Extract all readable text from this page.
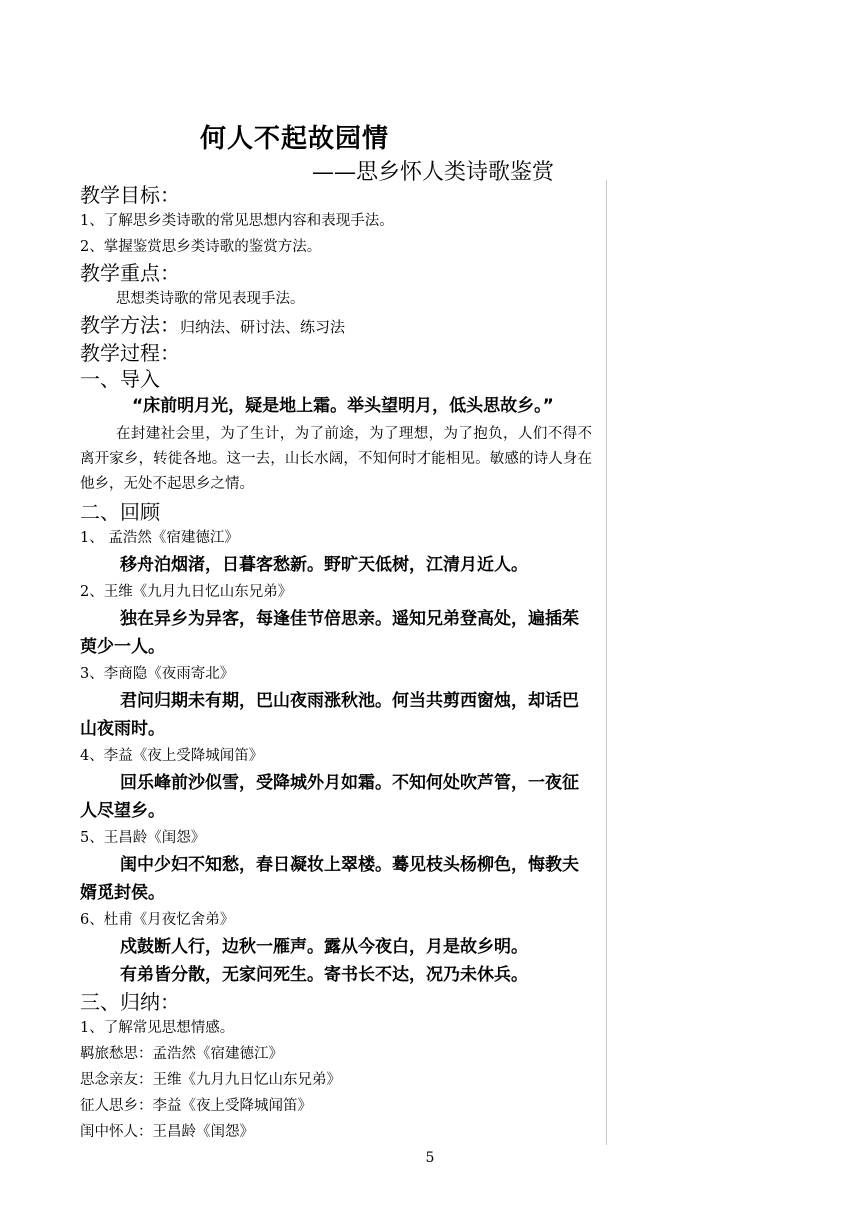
何人不起故园情
——思乡怀人类诗歌鉴赏
教学目标：
1、了解思乡类诗歌的常见思想内容和表现手法。
2、掌握鉴赏思乡类诗歌的鉴赏方法。
教学重点：
思想类诗歌的常见表现手法。
教学方法：归纳法、研讨法、练习法
教学过程：
一、导入
“床前明月光，疑是地上霜。举头望明月，低头思故乡。”
在封建社会里，为了生计，为了前途，为了理想，为了抱负，人们不得不离开家乡，转徙各地。这一去，山长水阔，不知何时才能相见。敏感的诗人身在他乡，无处不起思乡之情。
二、回顾
1、 孟浩然《宿建德江》
移舟泊烟渚，日暮客愁新。野旷天低树，江清月近人。
2、王维《九月九日忆山东兄弟》
独在异乡为异客，每逢佳节倍思亲。遥知兄弟登高处，遍插茱萸少一人。
3、李商隐《夜雨寄北》
君问归期未有期，巴山夜雨涨秋池。何当共剪西窗烛，却话巴山夜雨时。
4、李益《夜上受降城闻笛》
回乐峰前沙似雪，受降城外月如霜。不知何处吹芦管，一夜征人尽望乡。
5、王昌龄《闺怨》
闺中少妇不知愁，春日凝妆上翠楼。蓦见枝头杨柳色，悔教夫婿觅封侯。
6、杜甫《月夜忆舍弟》
戍鼓断人行，边秋一雁声。露从今夜白，月是故乡明。
有弟皆分散，无家问死生。寄书长不达，况乃未休兵。
三、归纳：
1、了解常见思想情感。
羁旅愁思：孟浩然《宿建德江》
思念亲友：王维《九月九日忆山东兄弟》
征人思乡：李益《夜上受降城闻笛》
闺中怀人：王昌龄《闺怨》
5
